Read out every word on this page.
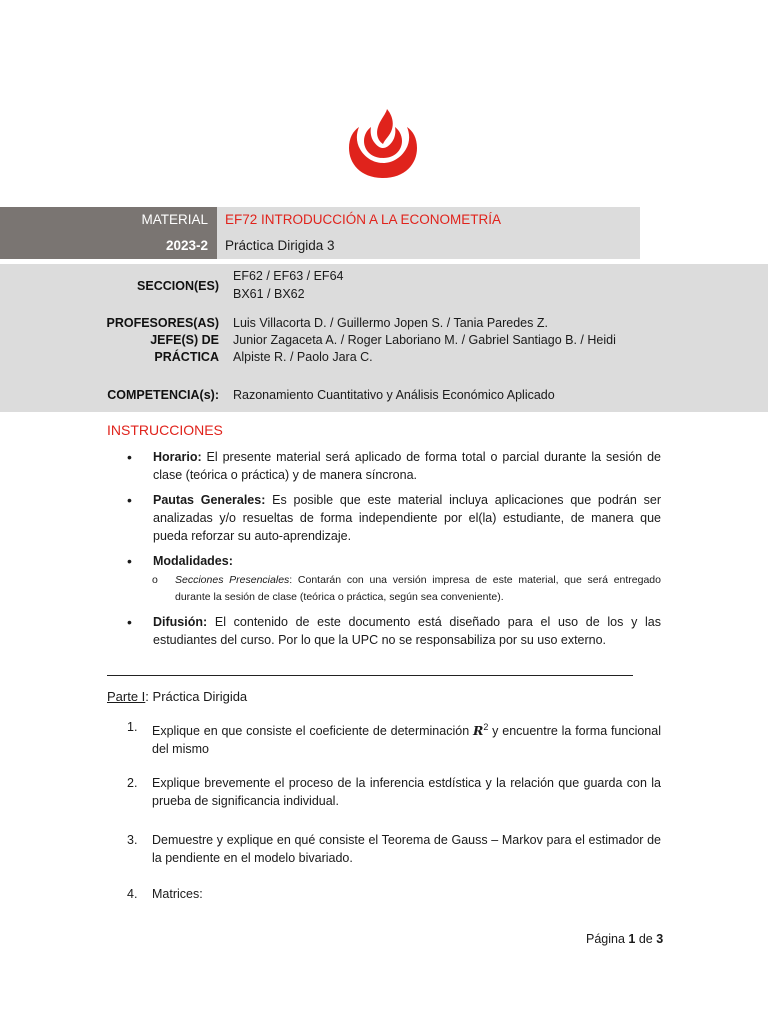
MATERIAL	EF72 INTRODUCCIÓN A LA ECONOMETRÍA
2023-2	Práctica Dirigida 3
SECCION(ES)
EF62 / EF63 / EF64
BX61 / BX62
PROFESORES(AS) Luis Villacorta D. / Guillermo Jopen S. / Tania Paredes Z.
JEFE(S) DE
PRÁCTICA
Junior Zagaceta A. / Roger Laboriano M. / Gabriel Santiago B. / Heidi
Alpiste R. / Paolo Jara C.
COMPETENCIA(s): Razonamiento Cuantitativo y Análisis Económico Aplicado
INSTRUCCIONES
• Horario: El presente material será aplicado de forma total o parcial durante la sesión de clase (teórica o práctica) y de manera síncrona.
• Pautas Generales: Es posible que este material incluya aplicaciones que podrán ser analizadas y/o resueltas de forma independiente por el(la) estudiante, de manera que pueda reforzar su auto-aprendizaje.
• Modalidades:
o Secciones Presenciales: Contarán con una versión impresa de este material, que será entregado durante la sesión de clase (teórica o práctica, según sea conveniente).
• Difusión: El contenido de este documento está diseñado para el uso de los y las estudiantes del curso. Por lo que la UPC no se responsabiliza por su uso externo.
Parte I: Práctica Dirigida
1. Explique en que consiste el coeficiente de determinación $R^2$ y encuentre la forma funcional del mismo
2. Explique brevemente el proceso de la inferencia estdística y la relación que guarda con la prueba de significancia individual.
3. Demuestre y explique en qué consiste el Teorema de Gauss – Markov para el estimador de la pendiente en el modelo bivariado.
4. Matrices:
Página 1 de 3
